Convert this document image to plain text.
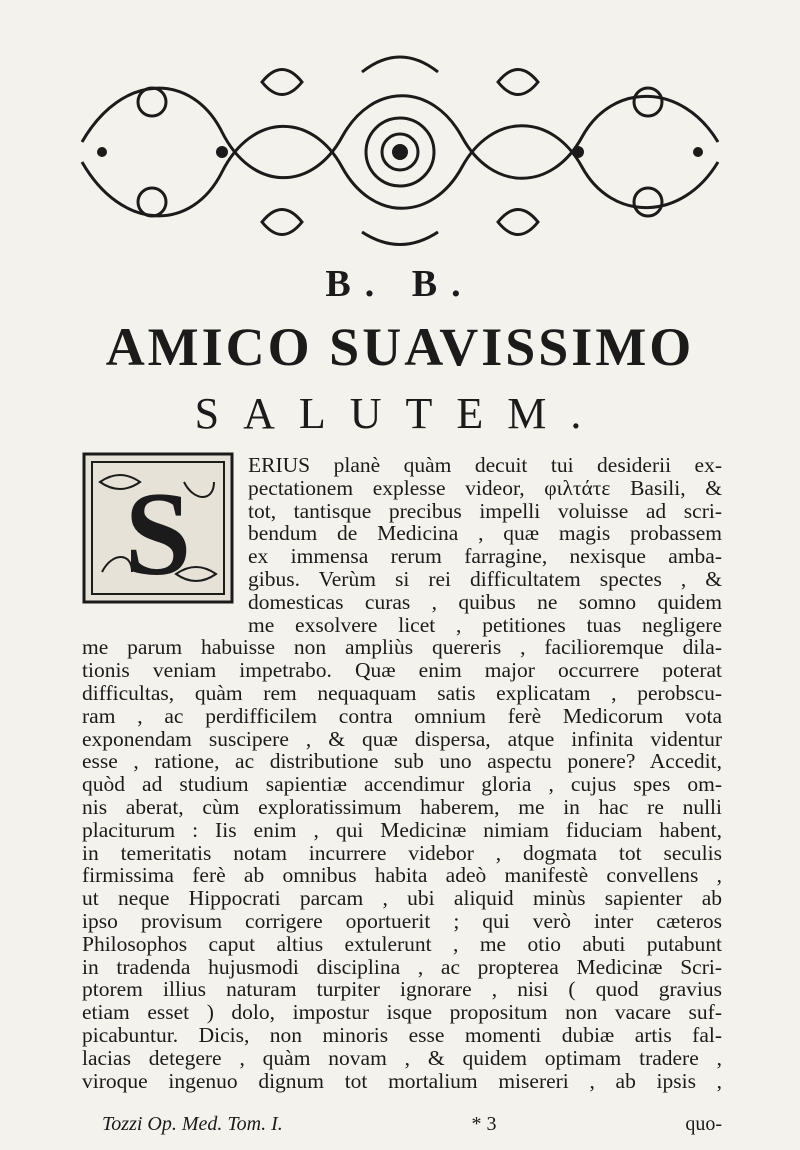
B. B.
AMICO SUAVISSIMO
SALUTEM.
S
ERIUS planè quàm decuit tui desiderii ex-
pectationem explesse videor, φιλτάτε Basili, &
tot, tantisque precibus impelli voluisse ad scri-
bendum de Medicina , quæ magis probassem
ex immensa rerum farragine, nexisque amba-
gibus. Verùm si rei difficultatem spectes , &
domesticas curas , quibus ne somno quidem
me exsolvere licet , petitiones tuas negligere
me parum habuisse non ampliùs quereris , facilioremque dila-
tionis veniam impetrabo. Quæ enim major occurrere poterat
difficultas, quàm rem nequaquam satis explicatam , perobscu-
ram , ac perdifficilem contra omnium ferè Medicorum vota
exponendam suscipere , & quæ dispersa, atque infinita videntur
esse , ratione, ac distributione sub uno aspectu ponere? Accedit,
quòd ad studium sapientiæ accendimur gloria , cujus spes om-
nis aberat, cùm exploratissimum haberem, me in hac re nulli
placiturum : Iis enim , qui Medicinæ nimiam fiduciam habent,
in temeritatis notam incurrere videbor , dogmata tot seculis
firmissima ferè ab omnibus habita adeò manifestè convellens ,
ut neque Hippocrati parcam , ubi aliquid minùs sapienter ab
ipso provisum corrigere oportuerit ; qui verò inter cæteros
Philosophos caput altius extulerunt , me otio abuti putabunt
in tradenda hujusmodi disciplina , ac propterea Medicinæ Scri-
ptorem illius naturam turpiter ignorare , nisi ( quod gravius
etiam esset ) dolo, impostur isque propositum non vacare suf-
picabuntur. Dicis, non minoris esse momenti dubiæ artis fal-
lacias detegere , quàm novam , & quidem optimam tradere ,
viroque ingenuo dignum tot mortalium misereri , ab ipsis ,
Tozzi Op. Med. Tom. I.	* 3	quo-
